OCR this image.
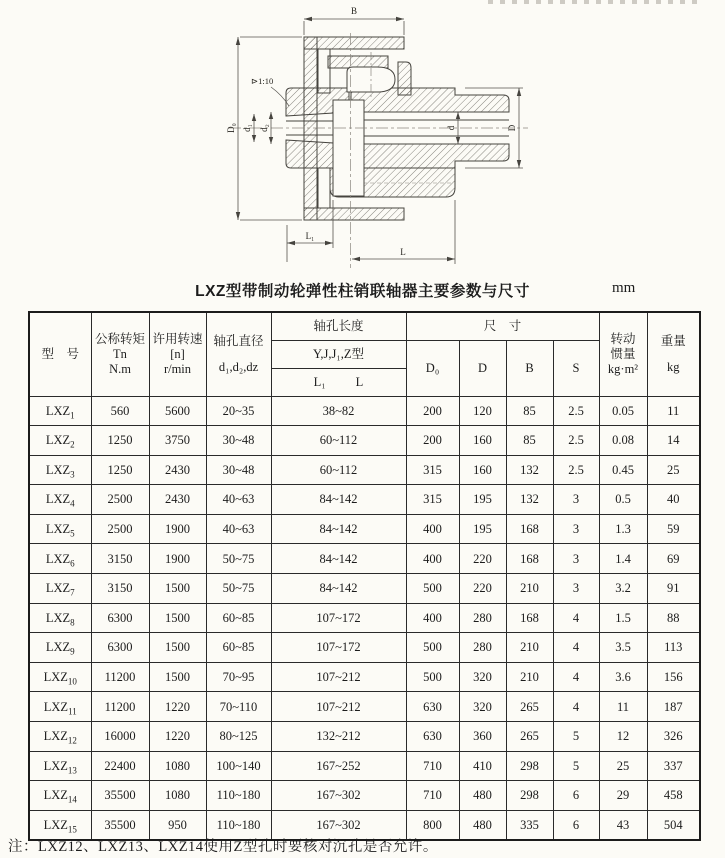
B
D₀ d₁ d₂	d	D
L₁
L
⊳1:10
LXZ型带制动轮弹性柱销联轴器主要参数与尺寸	mm
型　号	公称转矩Tn
N.m	许用转速
[n]
r/min	轴孔直径
d₁,d₂,dz	轴孔长度	尺　寸				转动
惯量
kg·m²	重量
kg

				Y,J,J₁,Z型	D₀	D	B	S		

				L₁ L						

$LXZ_1$	560	5600	20~35	38~82	200	120	85	2.5	0.05	11
$LXZ_2$	1250	3750	30~48	60~112	200	160	85	2.5	0.08	14
$LXZ_3$	1250	2430	30~48	60~112	315	160	132	2.5	0.45	25
$LXZ_4$	2500	2430	40~63	84~142	315	195	132	3	0.5	40
$LXZ_5$	2500	1900	40~63	84~142	400	195	168	3	1.3	59
$LXZ_6$	3150	1900	50~75	84~142	400	220	168	3	1.4	69
$LXZ_7$	3150	1500	50~75	84~142	500	220	210	3	3.2	91
$LXZ_8$	6300	1500	60~85	107~172	400	280	168	4	1.5	88
$LXZ_9$	6300	1500	60~85	107~172	500	280	210	4	3.5	113
$LXZ_{10}$	11200	1500	70~95	107~212	500	320	210	4	3.6	156
$LXZ_{11}$	11200	1220	70~110	107~212	630	320	265	4	11	187
$LXZ_{12}$	16000	1220	80~125	132~212	630	360	265	5	12	326
$LXZ_{13}$	22400	1080	100~140	167~252	710	410	298	5	25	337
$LXZ_{14}$	35500	1080	110~180	167~302	710	480	298	6	29	458
$LXZ_{15}$	35500	950	110~180	167~302	800	480	335	6	43	504
注：LXZ12、LXZ13、LXZ14使用Z型孔时要核对沉孔是否允许。
